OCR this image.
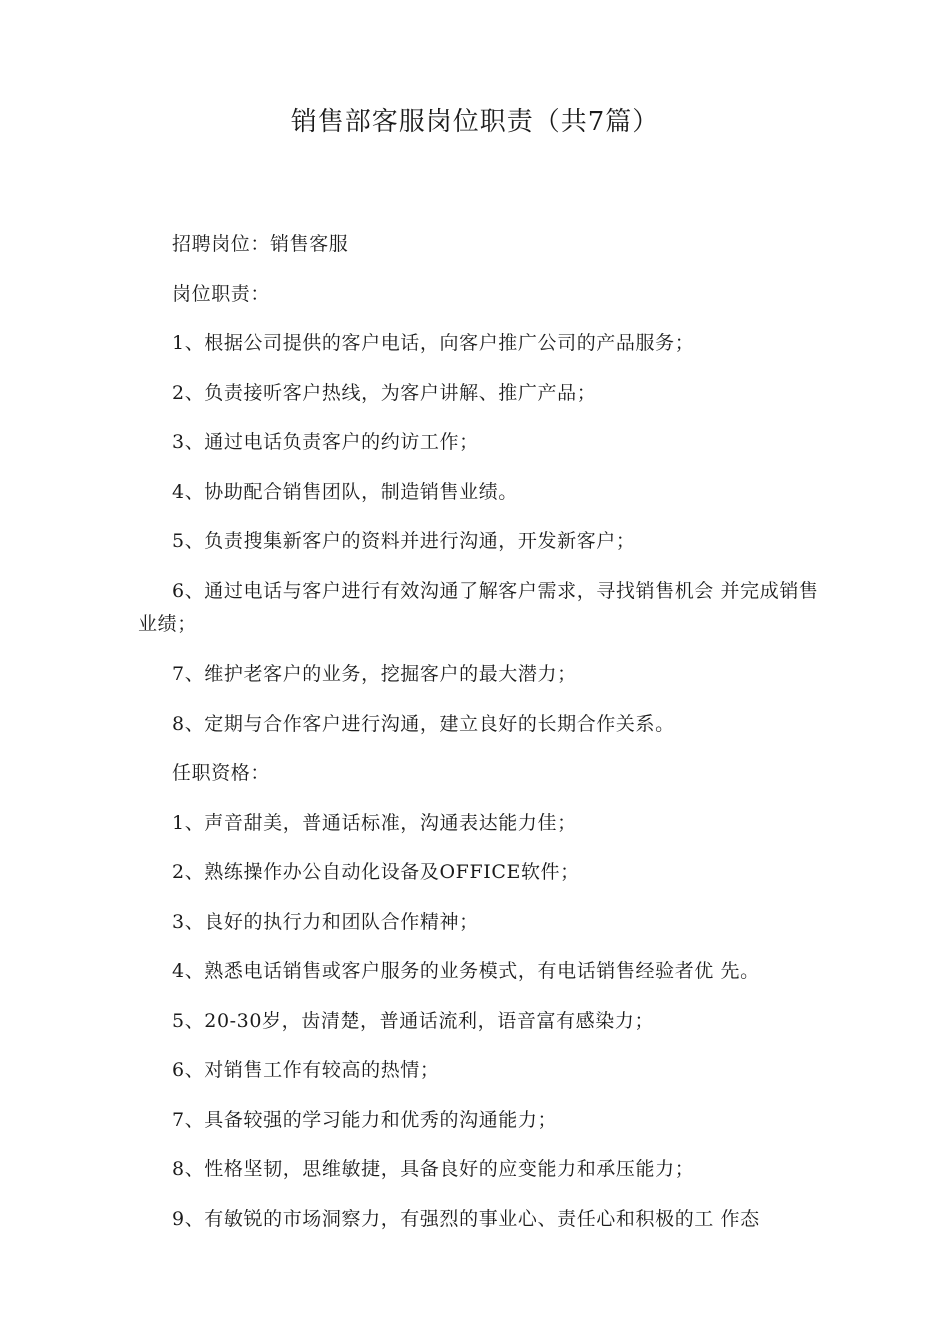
销售部客服岗位职责（共7篇）

招聘岗位：销售客服

岗位职责：

1、根据公司提供的客户电话，向客户推广公司的产品服务；

2、负责接听客户热线，为客户讲解、推广产品；

3、通过电话负责客户的约访工作；

4、协助配合销售团队，制造销售业绩。

5、负责搜集新客户的资料并进行沟通，开发新客户；

6、通过电话与客户进行有效沟通了解客户需求，寻找销售机会 并完成销售业绩；

7、维护老客户的业务，挖掘客户的最大潜力；

8、定期与合作客户进行沟通，建立良好的长期合作关系。

任职资格：

1、声音甜美，普通话标准，沟通表达能力佳；

2、熟练操作办公自动化设备及OFFICE软件；

3、良好的执行力和团队合作精神；

4、熟悉电话销售或客户服务的业务模式，有电话销售经验者优 先。

5、20-30岁，齿清楚，普通话流利，语音富有感染力；

6、对销售工作有较高的热情；

7、具备较强的学习能力和优秀的沟通能力；

8、性格坚韧，思维敏捷，具备良好的应变能力和承压能力；

9、有敏锐的市场洞察力，有强烈的事业心、责任心和积极的工 作态
